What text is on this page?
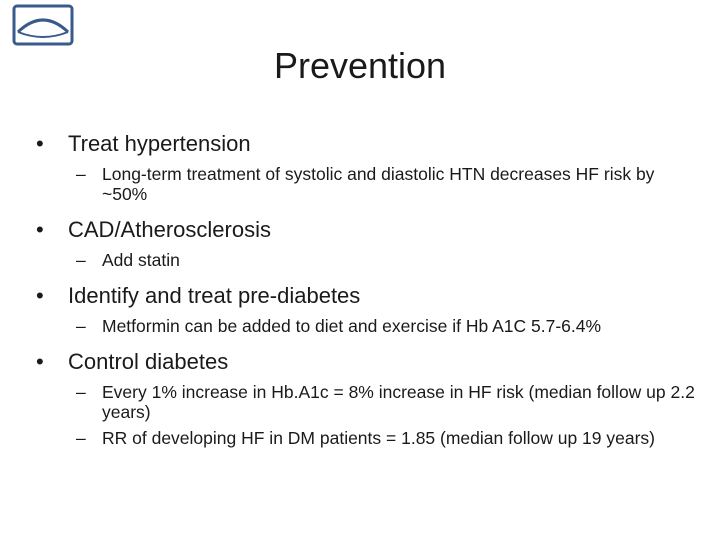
Prevention
•	Treat hypertension
– Long-term treatment of systolic and diastolic HTN decreases HF risk by ~50%
•	CAD/Atherosclerosis
– Add statin
•	Identify and treat pre-diabetes
– Metformin can be added to diet and exercise if Hb A1C 5.7-6.4%
•	Control diabetes
– Every 1% increase in Hb.A1c = 8% increase in HF risk (median follow up 2.2 years)
– RR of developing HF in DM patients = 1.85 (median follow up 19 years)
